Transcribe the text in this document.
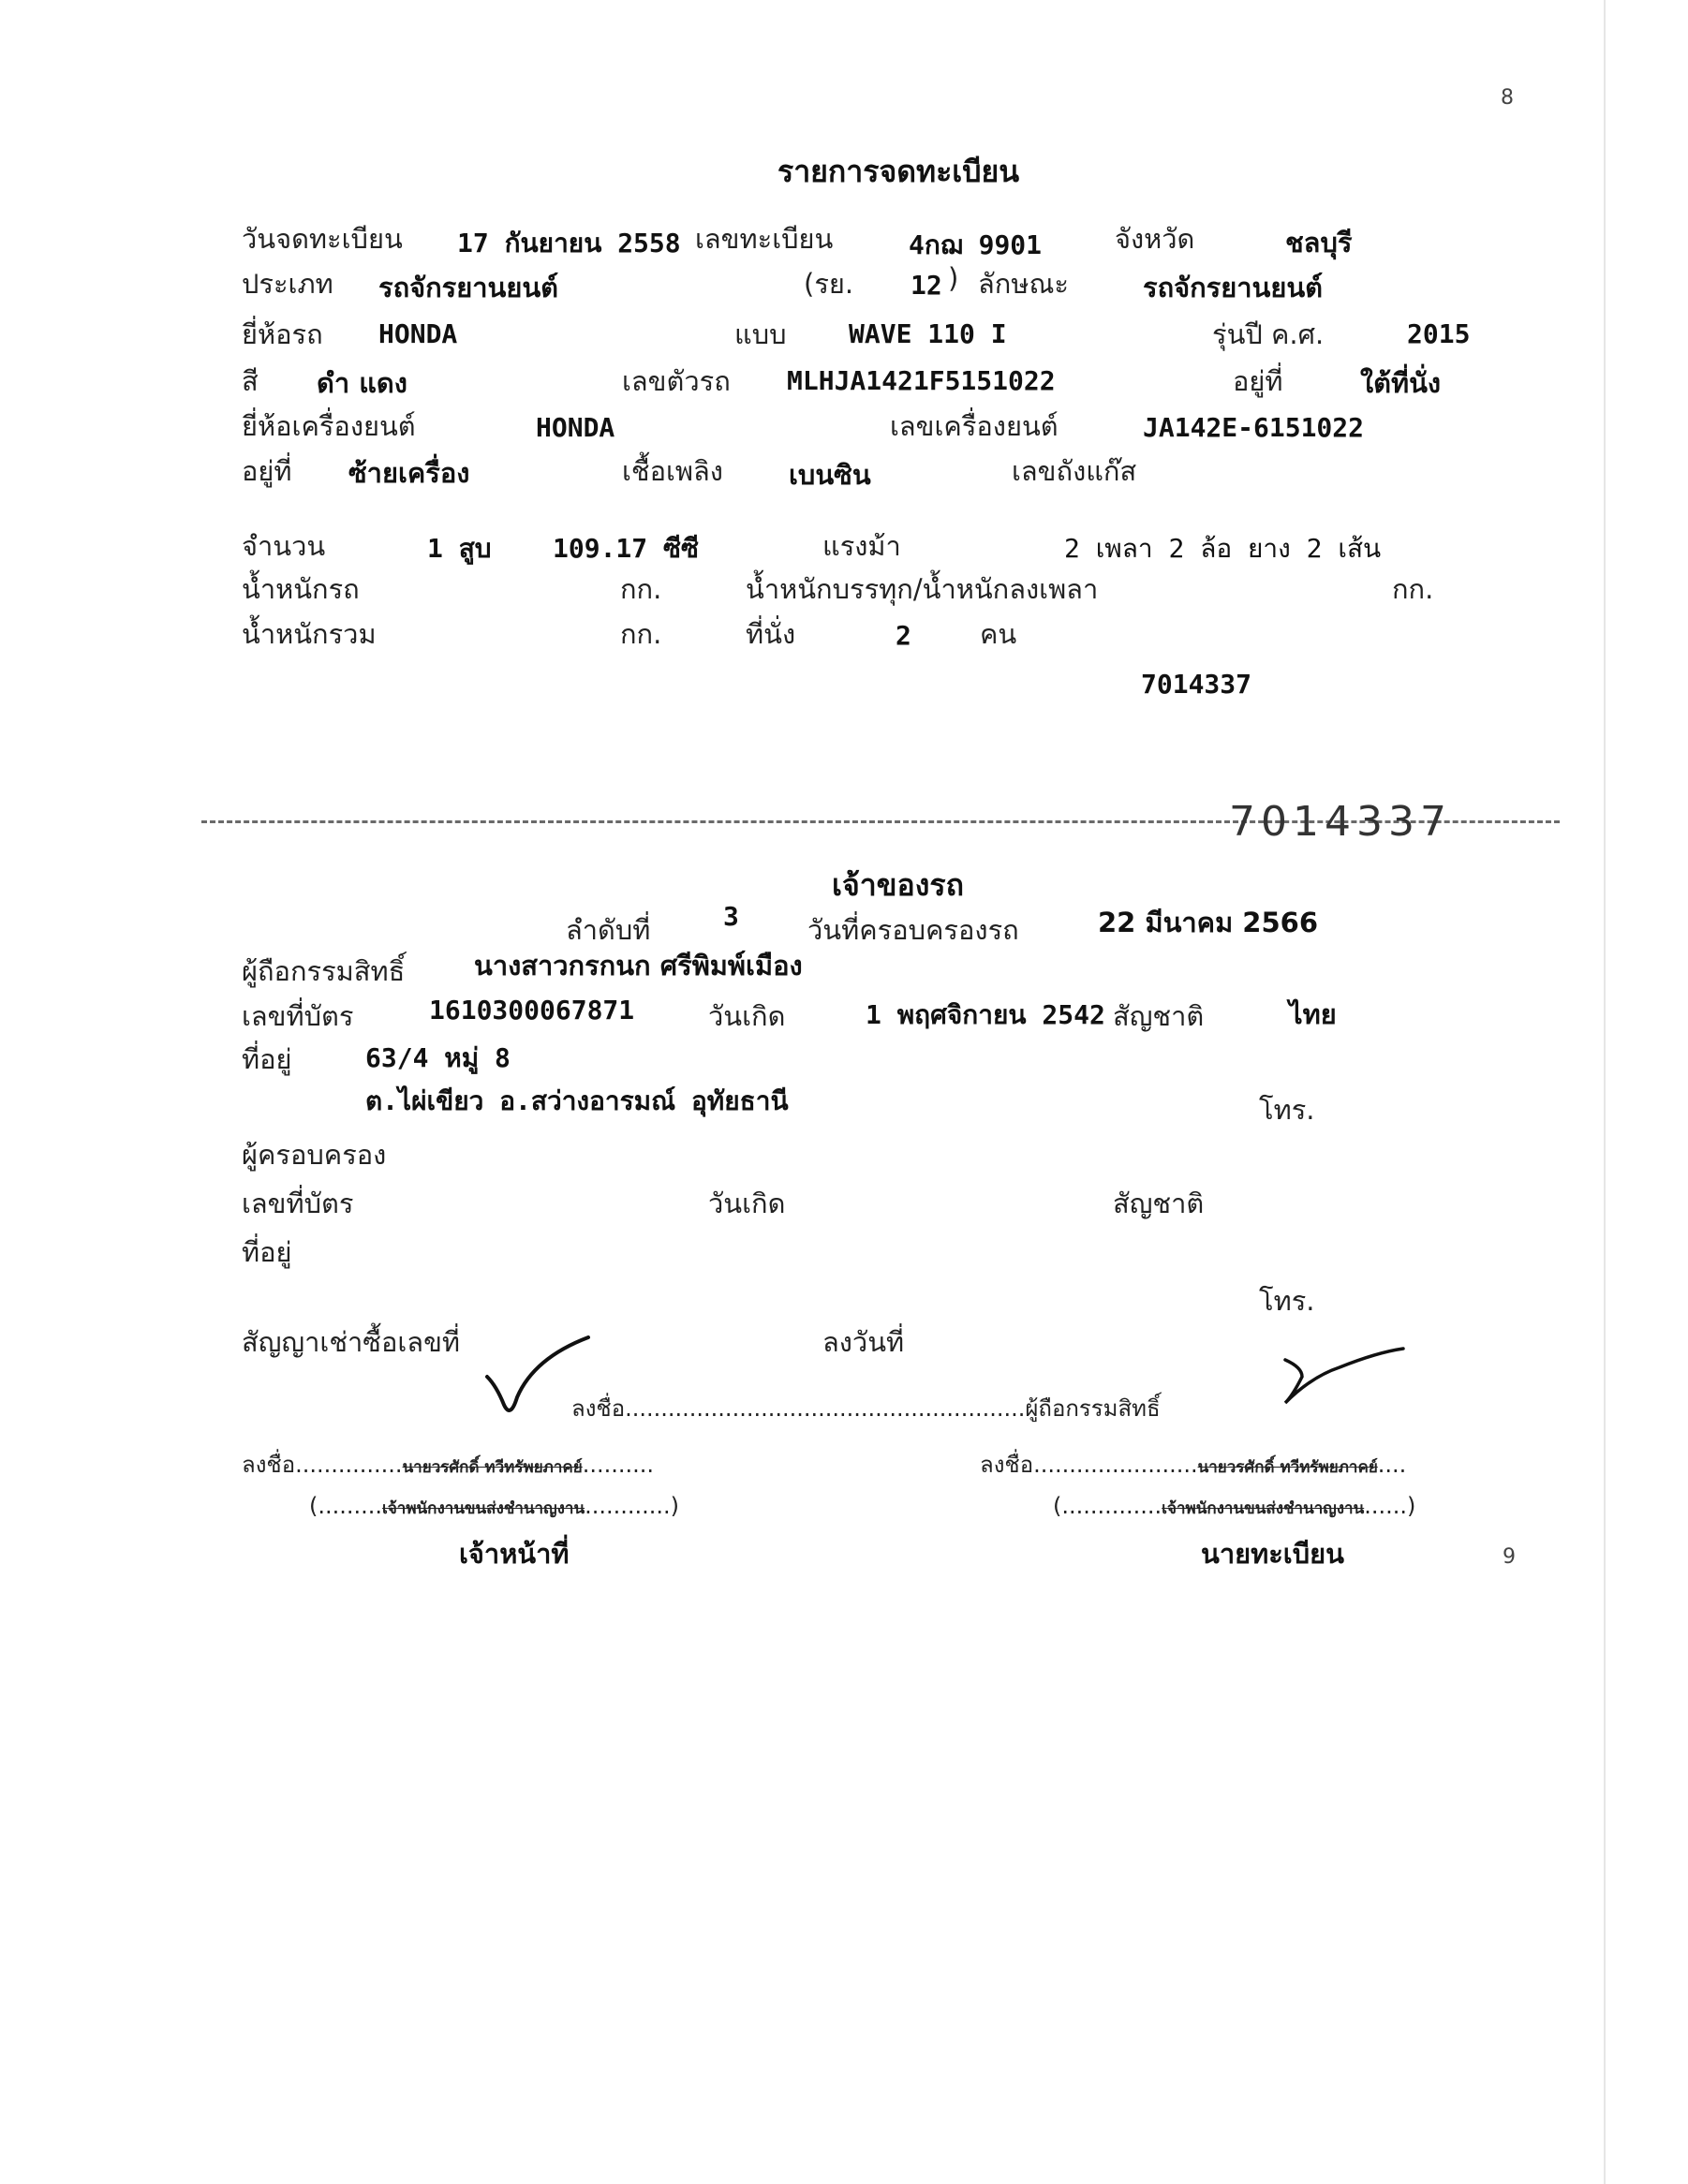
8
9
รายการจดทะเบียน
วันจดทะเบียน 17 กันยายน 2558 เลขทะเบียน	4กฌ 9901	จังหวัด	ชลบุรี
ประเภท รถจักรยานยนต์	(รย. 12 ) ลักษณะ	รถจักรยานยนต์
ยี่ห้อรถ HONDA	แบบ WAVE 110 I	รุ่นปี ค.ศ.	2015
สี ดำ แดง	เลขตัวรถ MLHJA1421F5151022	อยู่ที่	ใต้ที่นั่ง
ยี่ห้อเครื่องยนต์	HONDA	เลขเครื่องยนต์	JA142E-6151022
อยู่ที่ ซ้ายเครื่อง	เชื้อเพลิง เบนซิน	เลขถังแก๊ส
จำนวน	1 สูบ 109.17 ซีซี	แรงม้า	2 เพลา 2 ล้อ ยาง 2 เส้น
น้ำหนักรถ	กก.	น้ำหนักบรรทุก/น้ำหนักลงเพลา	กก.
น้ำหนักรวม	กก.	ที่นั่ง	2	คน
7014337
7014337
เจ้าของรถ
ลำดับที่	3	วันที่ครอบครองรถ	22 มีนาคม 2566
ผู้ถือกรรมสิทธิ์	นางสาวกรกนก ศรีพิมพ์เมือง
เลขที่บัตร	1610300067871	วันเกิด	1 พฤศจิกายน 2542 สัญชาติ	ไทย
ที่อยู่	63/4 หมู่ 8
ต.ไผ่เขียว อ.สว่างอารมณ์ อุทัยธานี	โทร.
ผู้ครอบครอง
เลขที่บัตร	วันเกิด	สัญชาติ
ที่อยู่
โทร.
สัญญาเช่าซื้อเลขที่	ลงวันที่
ลงชื่อ........................................................ผู้ถือกรรมสิทธิ์
ลงชื่อ...............นายวรศักดิ์ ทวีทรัพยภาคย์..........
(.........เจ้าพนักงานขนส่งชำนาญงาน............)
เจ้าหน้าที่
ลงชื่อ.......................นายวรศักดิ์ ทวีทรัพยภาคย์....
(..............เจ้าพนักงานขนส่งชำนาญงาน......)
นายทะเบียน
